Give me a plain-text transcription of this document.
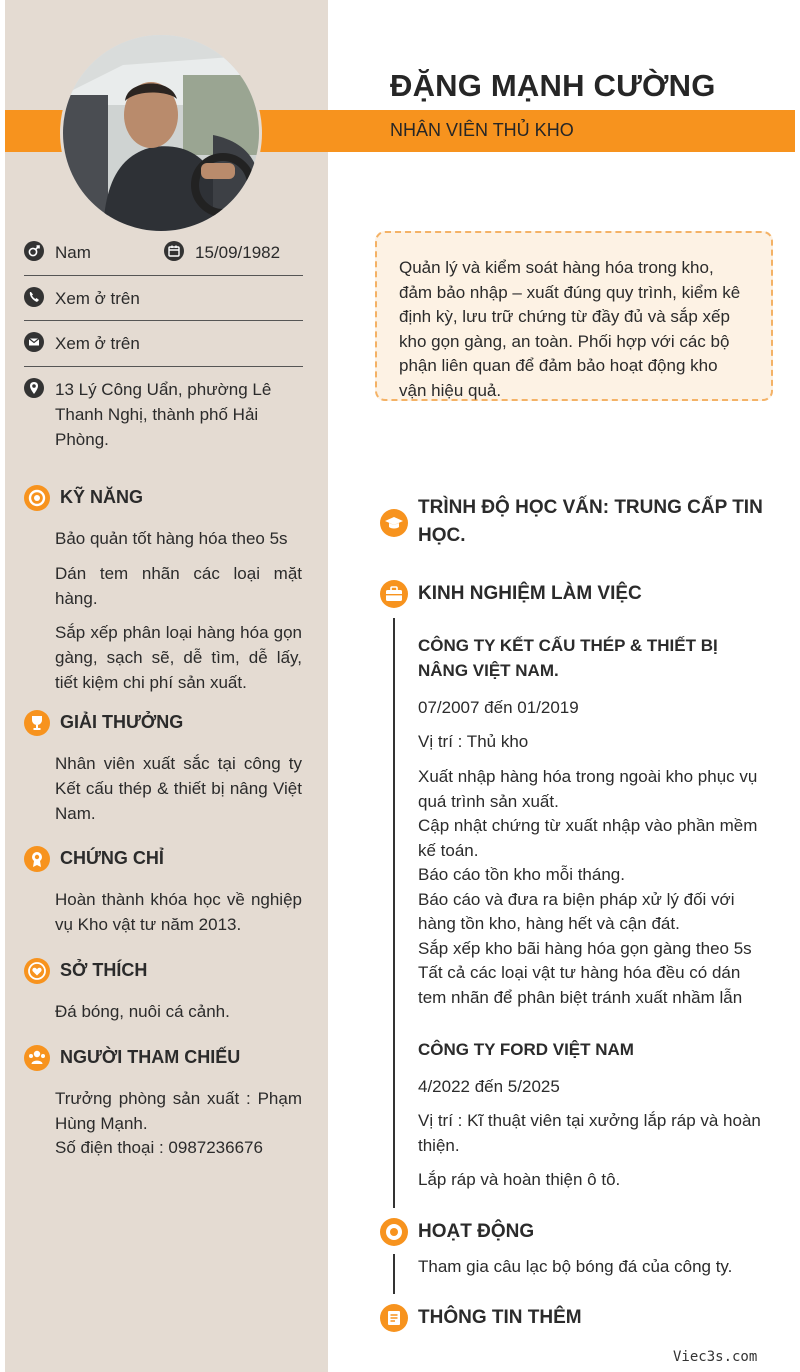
ĐẶNG MẠNH CƯỜNG
NHÂN VIÊN THỦ KHO
Nam	15/09/1982
Xem ở trên
Xem ở trên
13 Lý Công Uẩn, phường Lê Thanh Nghị, thành phố Hải Phòng.
KỸ NĂNG
Bảo quản tốt hàng hóa theo 5s
Dán tem nhãn các loại mặt hàng.
Sắp xếp phân loại hàng hóa gọn gàng, sạch sẽ, dễ tìm, dễ lấy, tiết kiệm chi phí sản xuất.
GIẢI THƯỞNG
Nhân viên xuất sắc tại công ty Kết cấu thép & thiết bị nâng Việt Nam.
CHỨNG CHỈ
Hoàn thành khóa học về nghiệp vụ Kho vật tư năm 2013.
SỞ THÍCH
Đá bóng, nuôi cá cảnh.
NGƯỜI THAM CHIẾU
Trưởng phòng sản xuất : Phạm Hùng Mạnh.
Số điện thoại : 0987236676
Quản lý và kiểm soát hàng hóa trong kho, đảm bảo nhập – xuất đúng quy trình, kiểm kê định kỳ, lưu trữ chứng từ đầy đủ và sắp xếp kho gọn gàng, an toàn. Phối hợp với các bộ phận liên quan để đảm bảo hoạt động kho vận hiệu quả.
TRÌNH ĐỘ HỌC VẤN: TRUNG CẤP TIN
HỌC.
KINH NGHIỆM LÀM VIỆC
CÔNG TY KẾT CẤU THÉP & THIẾT BỊ NÂNG VIỆT NAM.
07/2007 đến 01/2019
Vị trí : Thủ kho
Xuất nhập hàng hóa trong ngoài kho phục vụ quá trình sản xuất.
Cập nhật chứng từ xuất nhập vào phần mềm kế toán.
Báo cáo tồn kho mỗi tháng.
Báo cáo và đưa ra biện pháp xử lý đối với hàng tồn kho, hàng hết và cận đát.
Sắp xếp kho bãi hàng hóa gọn gàng theo 5s
Tất cả các loại vật tư hàng hóa đều có dán tem nhãn để phân biệt tránh xuất nhầm lẫn
CÔNG TY FORD VIỆT NAM
4/2022 đến 5/2025
Vị trí : Kĩ thuật viên tại xưởng lắp ráp và hoàn thiện.
Lắp ráp và hoàn thiện ô tô.
HOẠT ĐỘNG
Tham gia câu lạc bộ bóng đá của công ty.
THÔNG TIN THÊM
Viec3s.com
